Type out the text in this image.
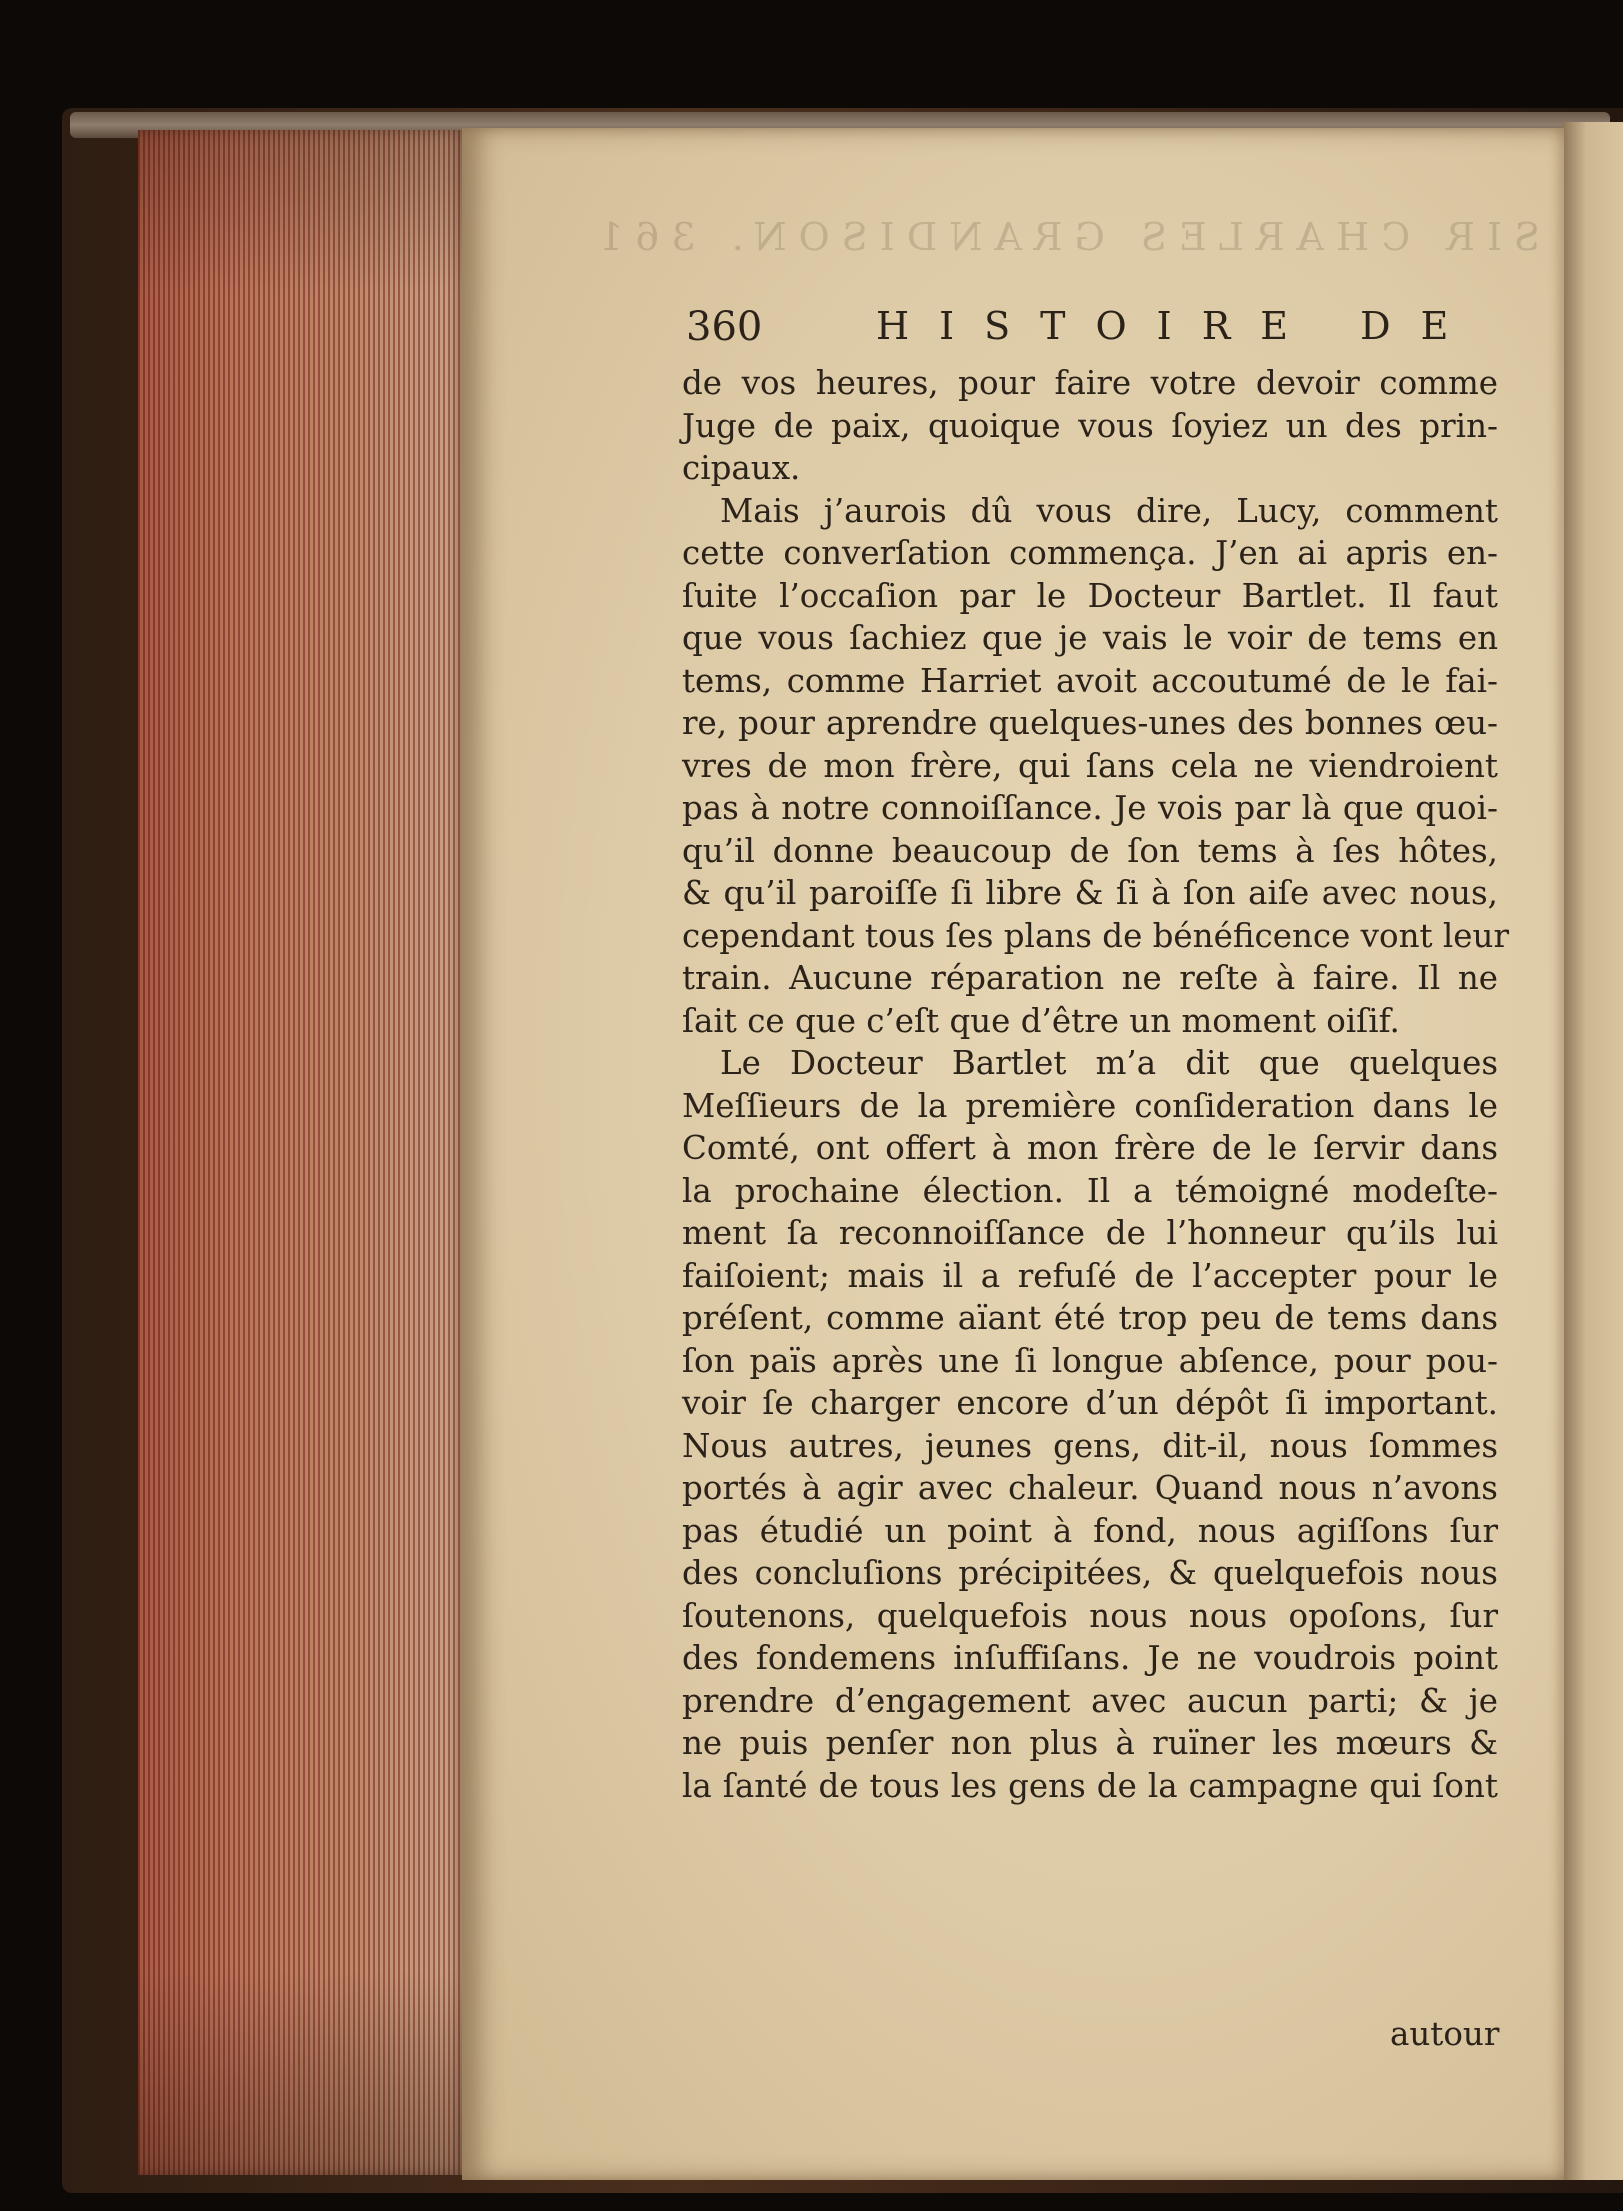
SIR CHARLES GRANDISON. 361
360	HISTOIRE DE
de vos heures, pour faire votre devoir comme
Juge de paix, quoique vous ſoyiez un des prin-
cipaux.
Mais j’aurois dû vous dire, Lucy, comment
cette converſation commença. J’en ai apris en-
ſuite l’occaſion par le Docteur Bartlet. Il faut
que vous ſachiez que je vais le voir de tems en
tems, comme Harriet avoit accoutumé de le fai-
re, pour aprendre quelques-unes des bonnes œu-
vres de mon frère, qui ſans cela ne viendroient
pas à notre connoiſſance. Je vois par là que quoi-
qu’il donne beaucoup de ſon tems à ſes hôtes,
& qu’il paroiſſe ſi libre & ſi à ſon aiſe avec nous,
cependant tous ſes plans de bénéficence vont leur
train. Aucune réparation ne reſte à faire. Il ne
ſait ce que c’eſt que d’être un moment oiſif.
Le Docteur Bartlet m’a dit que quelques
Meſſieurs de la première conſideration dans le
Comté, ont offert à mon frère de le ſervir dans
la prochaine élection. Il a témoigné modeſte-
ment ſa reconnoiſſance de l’honneur qu’ils lui
faiſoient; mais il a refuſé de l’accepter pour le
préſent, comme aïant été trop peu de tems dans
ſon païs après une ſi longue abſence, pour pou-
voir ſe charger encore d’un dépôt ſi important.
Nous autres, jeunes gens, dit-il, nous ſommes
portés à agir avec chaleur. Quand nous n’avons
pas étudié un point à fond, nous agiſſons ſur
des concluſions précipitées, & quelquefois nous
ſoutenons, quelquefois nous nous opoſons, ſur
des fondemens inſuffiſans. Je ne voudrois point
prendre d’engagement avec aucun parti; & je
ne puis penſer non plus à ruïner les mœurs &
la ſanté de tous les gens de la campagne qui ſont
autour
